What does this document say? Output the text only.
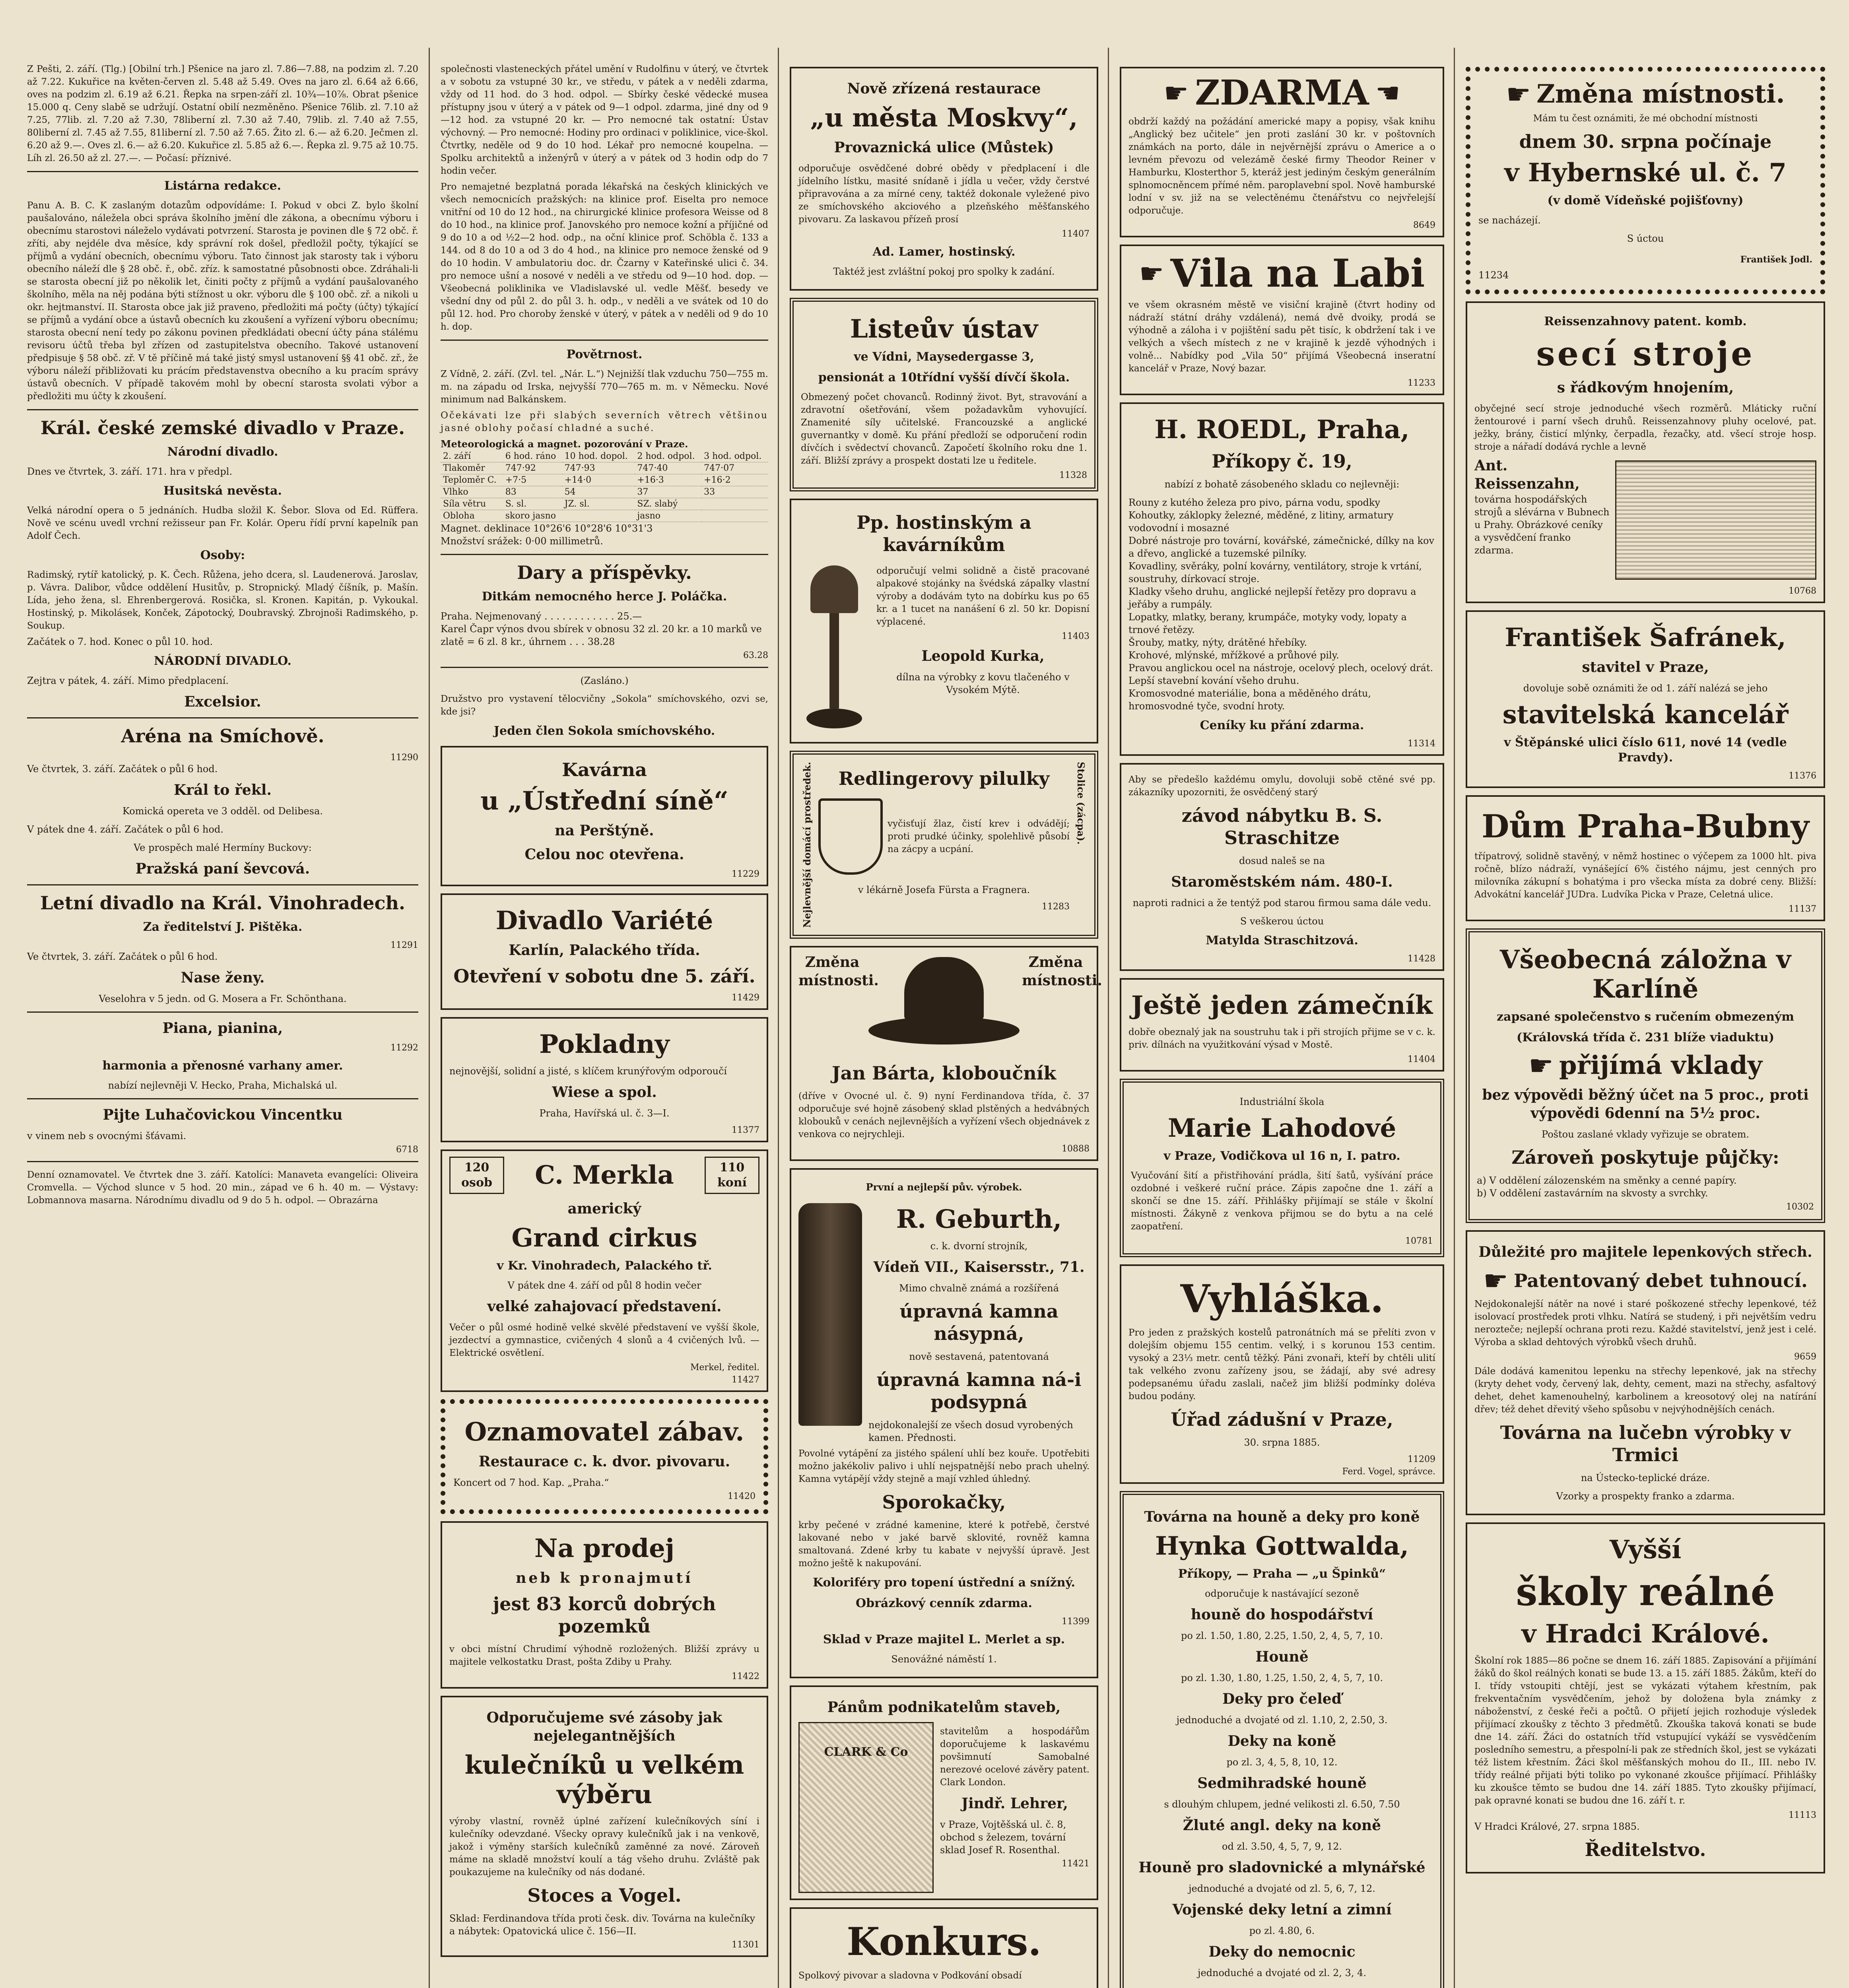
Z Pešti, 2. září. (Tlg.) [Obilní trh.] Pšenice na jaro zl. 7.86—7.88, na podzim zl. 7.20 až 7.22. Kukuřice na květen-červen zl. 5.48 až 5.49. Oves na jaro zl. 6.64 až 6.66, oves na podzim zl. 6.19 až 6.21. Řepka na srpen-září zl. 10¾—10⅞. Obrat pšenice 15.000 q. Ceny slabě se udržují. Ostatní obilí nezměněno. Pšenice 76lib. zl. 7.10 až 7.25, 77lib. zl. 7.20 až 7.30, 78liberní zl. 7.30 až 7.40, 79lib. zl. 7.40 až 7.55, 80liberní zl. 7.45 až 7.55, 81liberní zl. 7.50 až 7.65. Žito zl. 6.— až 6.20. Ječmen zl. 6.20 až 9.—. Oves zl. 6.— až 6.20. Kukuřice zl. 5.85 až 6.—. Řepka zl. 9.75 až 10.75. Líh zl. 26.50 až zl. 27.—. — Počasí: příznivé.

Listárna redakce.

Panu A. B. C. K zaslaným dotazům odpovídáme: I. Pokud v obci Z. bylo školní paušalováno, náležela obci správa školního jmění dle zákona, a obecnímu výboru i obecnímu starostovi náleželo vydávati potvrzení. Starosta je povinen dle § 72 obč. ř. zříti, aby nejdéle dva měsíce, kdy správní rok došel, předložil počty, týkající se příjmů a vydání obecních, obecnímu výboru. Tato činnost jak starosty tak i výboru obecního náleží dle § 28 obč. ř., obč. zříz. k samostatné působnosti obce. Zdráhali-li se starosta obecní již po několik let, činiti počty z příjmů a vydání paušalovaného školního, měla na něj podána býti stížnost u okr. výboru dle § 100 obč. zř. a nikoli u okr. hejtmanství. II. Starosta obce jak již pravenо, předložiti má počty (účty) týkající se příjmů a vydání obce a ústavů obecních ku zkoušení a vyřízení výboru obecnímu; starosta obecní není tedy po zákonu povinen předkládati obecní účty pána stálému revisoru účtů třeba byl zřízen od zastupitelstva obecního. Takové ustanovení předpisuje § 58 obč. zř. V tě příčině má také jistý smysl ustanovení §§ 41 obč. zř., že výboru náleží přibližovati ku prácím představenstva obecního a ku pracím správy ústavů obecních. V případě takovém mohl by obecní starosta svolati výbor a předložiti mu účty k zkoušení.

Král. české zemské divadlo v Praze.
Národní divadlo.
Dnes ve čtvrtek, 3. září. 171. hra v předpl.
Husitská nevěsta.

Velká národní opera o 5 jednáních. Hudba složil K. Šebor. Slova od Ed. Rüffera. Nově ve scénu uvedl vrchní režisseur pan Fr. Kolár. Operu řídí první kapelník pan Adolf Čech.

Osoby:

Radimský, rytíř katolický, p. K. Čech. Růžena, jeho dcera, sl. Laudenerová. Jaroslav, p. Vávra. Dalibor, vůdce oddělení Husitův, p. Stropnický. Mladý číšník, p. Mašín. Lída, jeho žena, sl. Ehrenbergerová. Rosička, sl. Kronen. Kapitán, p. Vykoukal. Hostinský, p. Mikolásek, Konček, Zápotocký, Doubravský. Zbrojnoši Radimského, p. Soukup.

Začátek o 7. hod. Konec o půl 10. hod.
NÁRODNÍ DIVADLO.
Zejtra v pátek, 4. září. Mimo předplacení.
Excelsior.
Aréna na Smíchově.
11290
Ve čtvrtek, 3. září. Začátek o půl 6 hod.
Král to řekl.
Komická opereta ve 3 odděl. od Delibesa.
V pátek dne 4. září. Začátek o půl 6 hod.
Ve prospěch malé Hermíny Buckovy:
Pražská paní ševcová.
Letní divadlo na Král. Vinohradech.
Za ředitelství J. Pištěka.
11291
Ve čtvrtek, 3. září. Začátek o půl 6 hod.
Nase ženy.
Veselohra v 5 jedn. od G. Mosera a Fr. Schönthana.
Piana, pianina,
11292
harmonia a přenosné varhany amer.
nabízí nejlevněji V. Hecko, Praha, Michalská ul.
Pijte Luhačovickou Vincentku
v vinem neb s ovocnými šťávami.
6718

Denní oznamovatel. Ve čtvrtek dne 3. září. Katolíci: Manaveta evangelíci: Oliveira Cromvella. — Východ slunce v 5 hod. 20 min., západ ve 6 h. 40 m. — Výstavy: Lobmannova masarna. Národnímu divadlu od 9 do 5 h. odpol. — Obrazárna

společnosti vlasteneckých přátel umění v Rudolfinu v úterý, ve čtvrtek a v sobotu za vstupné 30 kr., ve středu, v pátek a v neděli zdarma, vždy od 11 hod. do 3 hod. odpol. — Sbírky české vědecké musea přístupny jsou v úterý a v pátek od 9—1 odpol. zdarma, jiné dny od 9—12 hod. za vstupné 20 kr. — Pro nemocné tak ostatní: Ústav výchovný. — Pro nemocné: Hodiny pro ordinaci v poliklinice, vice-škol. Čtvrtky, neděle od 9 do 10 hod. Lékař pro nemocné koupelna. — Spolku architektů a inženýrů v úterý a v pátek od 3 hodin odp do 7 hodin večer.

Pro nemajetné bezplatná porada lékařská na českých klinických ve všech nemocnicích pražských: na klinice prof. Eiselta pro nemoce vnitřní od 10 do 12 hod., na chirurgické klinice profesora Weisse od 8 do 10 hod., na klinice prof. Janovského pro nemoce kožní a příjičné od 9 do 10 a od ½2—2 hod. odp., na oční klinice prof. Schöbla č. 133 a 144. od 8 do 10 a od 3 do 4 hod., na klinice pro nemoce ženské od 9 do 10 hodin. V ambulatoriu doc. dr. Čzarny v Kateřinské ulici č. 34. pro nemoce ušní a nosové v neděli a ve středu od 9—10 hod. dop. — Všeobecná poliklinika ve Vladislavské ul. vedle Měšť. besedy ve všední dny od půl 2. do půl 3. h. odp., v neděli a ve svátek od 10 do půl 12. hod. Pro choroby ženské v úterý, v pátek a v neděli od 9 do 10 h. dop.

Povětrnost.

Z Vídně, 2. září. (Zvl. tel. „Nár. L.“) Nejnižší tlak vzduchu 750—755 m. m. na západu od Irska, nejvyšší 770—765 m. m. v Německu. Nové minimum nad Balkánskem.

Očekávati lze při slabých severních větrech většinou jasné oblohy počasí chladné a suché.

Meteorologická a magnet. pozorování v Praze.
2. září	6 hod. ráno	10 hod. dopol.	2 hod. odpol.	3 hod. odpol.
Tlakoměr	747·92	747·93	747·40	747·07
Teploměr C.	+7·5	+14·0	+16·3	+16·2
Vlhko	83	54	37	33
Síla větru	S. sl.	JZ. sl.	SZ. slabý	
Obloha	skoro jasno		jasno	
Magnet. deklinace 10°26'6 10°28'6 10°31'3
Množství srážek: 0·00 millimetrů.
Dary a příspěvky.
Ditkám nemocného herce J. Poláčka.
Praha. Nejmenovaný . . . . . . . . . . . . 25.—
Karel Čapr výnos dvou sbírek v obnosu 32 zl. 20 kr. a 10 marků ve zlatě = 6 zl. 8 kr., úhrnem . . . 38.28
63.28
(Zasláno.)

Družstvo pro vystavení tělocvičny „Sokola“ smíchovského, ozvi se, kde jsi?

Jeden člen Sokola smíchovského.
Kavárna
u „Ústřední síně“
na Perštýně.
Celou noc otevřena.
11229
Divadlo Variété
Karlín, Palackého třída.
Otevření v sobotu dne 5. září.
11429
Pokladny
nejnovější, solidní a jisté, s klíčem krunýřovým odporoučí
Wiese a spol.
Praha, Havířská ul. č. 3—I.
11377
120 osob	C. Merkla	110 koní
americký
Grand cirkus
v Kr. Vinohradech, Palackého tř.
V pátek dne 4. září od půl 8 hodin večer
velké zahajovací představení.

Večer o půl osmé hodině velké skvělé představení ve vyšší škole, jezdectví a gymnastice, cvičených 4 slonů a 4 cvičených lvů. — Elektrické osvětlení.

Merkel, ředitel.
11427
Oznamovatel zábav.
Restaurace c. k. dvor. pivovaru.
Koncert od 7 hod. Kap. „Praha.“
11420
Na prodej
neb k pronajmutí
jest 83 korců dobrých pozemků

v obci místní Chrudimí výhodně rozložených. Bližší zprávy u majitele velkostatku Drast, pošta Zdiby u Prahy.

11422
Odporučujeme své zásoby jak nejelegantnějších
kulečníků u velkém výběru

výroby vlastní, rovněž úplné zařízení kulečníkových síní i kulečníky odevzdané. Všecky opravy kulečníků jak i na venkově, jakož i výměny starších kulečníků zaměnné za nové. Zároveň máme na skladě množství koulí a tág všeho druhu. Zvláště pak poukazujeme na kulečníky od nás dodané.

Stoces a Vogel.
Sklad: Ferdinandova třída proti česk. div. Továrna na kulečníky a nábytek: Opatovická ulice č. 156—II.
11301
Nově zřízená restaurace
„u města Moskvy“,
Provaznická ulice (Můstek)

odporučuje osvědčené dobré obědy v předplacení i dle jídelního lístku, masité snídaně i jídla u večer, vždy čerstvé připravována a za mírné ceny, taktéž dokonale vyležené pivo ze smíchovského akciového a plzeňského měšťanského pivovaru. Za laskavou přízeň prosí

11407
Ad. Lamer, hostinský.
Taktéž jest zvláštní pokoj pro spolky k zadání.
Listeův ústav
ve Vídni, Maysedergasse 3,
pensionát a 10třídní vyšší dívčí škola.

Obmezený počet chovanců. Rodinný život. Byt, stravování a zdravotní ošetřování, všem požadavkům vyhovující. Znamenité síly učitelské. Francouzské a anglické guvernantky v domě. Ku přání předloží se odporučení rodin dívčích i svědectví chovanců. Započetí školního roku dne 1. září. Bližší zprávy a prospekt dostati lze u ředitele.

11328
Pp. hostinským a kavárníkům

odporučují velmi solidně a čistě pracované alpakové stojánky na švédská zápalky vlastní výroby a dodávám tyto na dobírku kus po 65 kr. a 1 tucet na nanášení 6 zl. 50 kr. Dopisní výplacené.

11403
Leopold Kurka,
dílna na výrobky z kovu tlačeného v Vysokém Mýtě.
Nejlevnější domácí prostředek.	Redlingerovy pilulky

vyčisťují žlaz, čistí krev i odvádějí; proti prudké účinky, spolehlivě působí na zácpy a ucpání.

v lékárně Josefa Fürsta a Fragnera.
11283
Stolice (zácpa).
Změna místnosti.
Změna místnosti.
Jan Bárta, kloboučník

(dříve v Ovocné ul. č. 9) nyní Ferdinandova třída, č. 37 odporučuje své hojně zásobený sklad plstěných a hedvábných klobouků v cenách nejlevnějších a vyřízení všech objednávek z venkova co nejrychleji.

10888
První a nejlepší pův. výrobek.
R. Geburth,
c. k. dvorní strojník,
Vídeň VII., Kaisersstr., 71.
Mimo chvalně známá a rozšířená
úpravná kamna násypná,
nově sestavená, patentovaná
úpravná kamna ná-i podsypná
nejdokonalejší ze všech dosud vyrobených kamen. Přednosti.

Povolné vytápění za jistého spálení uhlí bez kouře. Upotřebiti možno jakékoliv palivo i uhlí nejspatnější nebo prach uhelný. Kamna vytápějí vždy stejně a mají vzhled úhledný.

Sporokačky,

krby pečené v zrádné kamenine, které k potřebě, čerstvé lakované nebo v jaké barvě sklovité, rovněž kamna smaltovaná. Zdené krby tu kabate v nejvyšší úpravě. Jest možno ještě k nakupování.

Koloriféry pro topení ústřední a snížný.
Obrázkový cenník zdarma.
11399
Sklad v Praze majitel L. Merlet a sp.
Senovážné náměstí 1.
Pánům podnikatelům staveb,
CLARK & Co

stavitelům a hospodářům doporučujeme k laskavému povšimnutí Samobalné nerezové ocelové závěry patent. Clark London.

Jindř. Lehrer,
v Praze, Vojtěšská ul. č. 8, obchod s železem, tovární sklad Josef R. Rosenthal.
11421
Konkurs.

Spolkový pivovar a sladovna v Podkování obsadí

☛ ZDARMA ☚

obdrží každý na požádání americké mapy a popisy, však knihu „Anglický bez učitele“ jen proti zaslání 30 kr. v poštovních známkách na porto, dále in nejvěrnější zprávu o Americe a o levném převozu od velezámě české firmy Theodor Reiner v Hamburku, Klosterthor 5, kteráž jest jediným českým generálním splnomocněncem přímé něm. paroplavební spol. Nově hamburské lodní v sv. již na se velectěnému čtenářstvu co nejvřelejší odporučuje.

8649
☛ Vila na Labi

ve všem okrasném městě ve visiční krajině (čtvrt hodiny od nádraží státní dráhy vzdálená), nemá dvě dvoiky, prodá se výhodně a záloha i v pojištění sadu pět tisíc, k obdržení tak i ve velkých a všech místech z ne v krajině k jezdě výhodných i volně... Nabídky pod „Vila 50“ přijímá Všeobecná inseratní kancelář v Praze, Nový bazar.

11233
H. ROEDL, Praha,
Příkopy č. 19,
nabízí z bohatě zásobeného skladu co nejlevněji:
Rouny z kutého železa pro pivo, párna vodu, spodky
Kohoutky, záklopky železné, měděné, z litiny, armatury vodovodní i mosazné
Dobré nástroje pro tovární, kovářské, zámečnické, dílky na kov a dřevo, anglické a tuzemské pilníky.
Kovadliny, svěráky, polní kovárny, ventilátory, stroje k vrtání, soustruhy, dírkovací stroje.
Kladky všeho druhu, anglické nejlepší řetězy pro dopravu a jeřáby a rumpály.
Lopatky, mlatky, berany, krumpáče, motyky vody, lopaty a trnové řetězy.
Šrouby, matky, nýty, drátěné hřebíky.
Krohové, mlýnské, mřížkové a průhové pily.
Pravou anglickou ocel na nástroje, ocelový plech, ocelový drát.
Lepší stavební kování všeho druhu.
Kromosvodné materiálie, bona a měděného drátu, hromosvodné tyče, svodní hroty.
Ceníky ku přání zdarma.
11314

Aby se předešlo každému omylu, dovoluji sobě ctěné své pp. zákazníky upozorniti, že osvědčený starý

závod nábytku B. S. Straschitze
dosud naleš se na
Staroměstském nám. 480-I.
naproti radnici a že tentýž pod starou firmou sama dále vedu.
S veškerou úctou
Matylda Straschitzová.
11428
Ještě jeden zámečník

dobře obeznalý jak na soustruhu tak i při strojích přijme se v c. k. priv. dílnách na využitkování výsad v Mostě.

11404
Industriální škola
Marie Lahodové
v Praze, Vodičkova ul 16 n, I. patro.

Vyučování šití a přistřihování prádla, šití šatů, vyšívání práce ozdobné i veškeré ruční práce. Zápis započne dne 1. září a skončí se dne 15. září. Přihlášky přijímají se stále v školní místnosti. Žákyně z venkova přijmou se do bytu a na celé zaopatření.

10781
Vyhláška.

Pro jeden z pražských kostelů patronátních má se přelíti zvon v dolejším objemu 155 centim. velký, i s korunou 153 centim. vysoký a 23⅓ metr. centů těžký. Páni zvonaři, kteří by chtěli ulití tak velkého zvonu zařízeny jsou, se žádají, aby své adresy podepsanému úřadu zaslali, načež jim bližší podmínky doléva budou podány.

Úřad zádušní v Praze,
30. srpna 1885.
11209
Ferd. Vogel, správce.
Továrna na houně a deky pro koně
Hynka Gottwalda,
Příkopy, — Praha — „u Špinků“
odporučuje k nastávající sezoně
houně do hospodářství
po zl. 1.50, 1.80, 2.25, 1.50, 2, 4, 5, 7, 10.
Houně
po zl. 1.30, 1.80, 1.25, 1.50, 2, 4, 5, 7, 10.
Deky pro čeleď
jednoduché a dvojaté od zl. 1.10, 2, 2.50, 3.
Deky na koně
po zl. 3, 4, 5, 8, 10, 12.
Sedmihradské houně
s dlouhým chlupem, jedné velikosti zl. 6.50, 7.50
Žluté angl. deky na koně
od zl. 3.50, 4, 5, 7, 9, 12.
Houně pro sladovnické a mlynářské
jednoduché a dvojaté od zl. 5, 6, 7, 12.
Vojenské deky letní a zimní
po zl. 4.80, 6.
Deky do nemocnic
jednoduché a dvojaté od zl. 2, 3, 4.
☛ Změna místnosti.

Mám tu čest oznámiti, že mé obchodní místnosti

dnem 30. srpna počínaje
v Hybernské ul. č. 7
(v domě Vídeňské pojišťovny)
se nacházejí.
S úctou
František Jodl.
11234
Reissenzahnovy patent. komb.
secí stroje
s řádkovým hnojením,

obyčejné secí stroje jednoduché všech rozměrů. Mláticky ruční žentourové i parní všech druhů. Reissenzahnovy pluhy ocelové, pat. ježky, brány, čisticí mlýnky, čerpadla, řezačky, atd. všecí stroje hosp. stroje a nářadí dodává rychle a levně

Ant. Reissenzahn,
továrna hospodářských strojů a slévárna v Bubnech u Prahy. Obrázkové ceníky a vysvědčení franko zdarma.
10768
František Šafránek,
stavitel v Praze,
dovoluje sobě oznámiti že od 1. září nalézá se jeho
stavitelská kancelář
v Štěpánské ulici číslo 611, nové 14 (vedle Pravdy).
11376
Dům Praha-Bubny

třípatrový, solidně stavěný, v němž hostinec o výčepem za 1000 hlt. piva ročně, blízo nádraží, vynášející 6% čistého nájmu, jest cenných pro milovníka zákupní s bohatýma i pro všecka místa za dobré ceny. Bližší: Advokátní kancelář JUDra. Ludvíka Picka v Praze, Celetná ulice.

11137
Všeobecná záložna v Karlíně
zapsané společenstvo s ručením obmezeným
(Královská třída č. 231 blíže viaduktu)
☛ přijímá vklady
bez výpovědi běžný účet na 5 proc., proti výpovědi 6denní na 5½ proc.
Poštou zaslané vklady vyřizuje se obratem.
Zároveň poskytuje půjčky:
a) V oddělení zálozenském na směnky a cenné papíry.
b) V oddělení zastavárním na skvosty a svrchky.
10302
Důležité pro majitele lepenkových střech.
☛ Patentovaný debet tuhnoucí.

Nejdokonalejší nátěr na nové i staré poškozené střechy lepenkové, též isolovací prostředek proti vlhku. Natírá se studený, i při největším vedru nerozteče; nejlepší ochrana proti rezu. Každé stavitelství, jenž jest i celé. Výroba a sklad dehtových výrobků všech druhů.

9659

Dále dodává kamenitou lepenku na střechy lepenkové, jak na střechy (kryty dehet vody, červený lak, dehty, cement, mazi na střechy, asfaltový dehet, dehet kamenouhelný, karbolinem a kreosotový olej na natírání dřev; též dehet dřevitý všeho spůsobu v nejvýhodnějších cenách.

Továrna na lučebn výrobky v Trmici
na Ústecko-teplické dráze.
Vzorky a prospekty franko a zdarma.
Vyšší
školy reálné
v Hradci Králové.

Školní rok 1885—86 počne se dnem 16. září 1885. Zapisování a přijímání žáků do škol reálných konati se bude 13. a 15. září 1885. Žákům, kteří do I. třídy vstoupiti chtějí, jest se vykázati výtahem křestním, pak frekventačním vysvědčením, jehož by doložena byla známky z náboženství, z české řeči a počtů. O přijetí jejich rozhoduje výsledek přijímací zkoušky z těchto 3 předmětů. Zkouška taková konati se bude dne 14. září. Žáci do ostatních tříd vstupující vykáží se vysvědčením posledního semestru, a přespolní-li pak ze středních škol, jest se vykázati též listem křestním. Žáci škol měšťanských mohou do II., III. nebo IV. třídy reálné přijati býti toliko po vykonané zkoušce přijímací. Přihlášky ku zkoušce těmto se budou dne 14. září 1885. Tyto zkoušky přijímací, pak opravné konati se budou dne 16. září t. r.

11113
V Hradci Králové, 27. srpna 1885.
Ředitelstvo.
